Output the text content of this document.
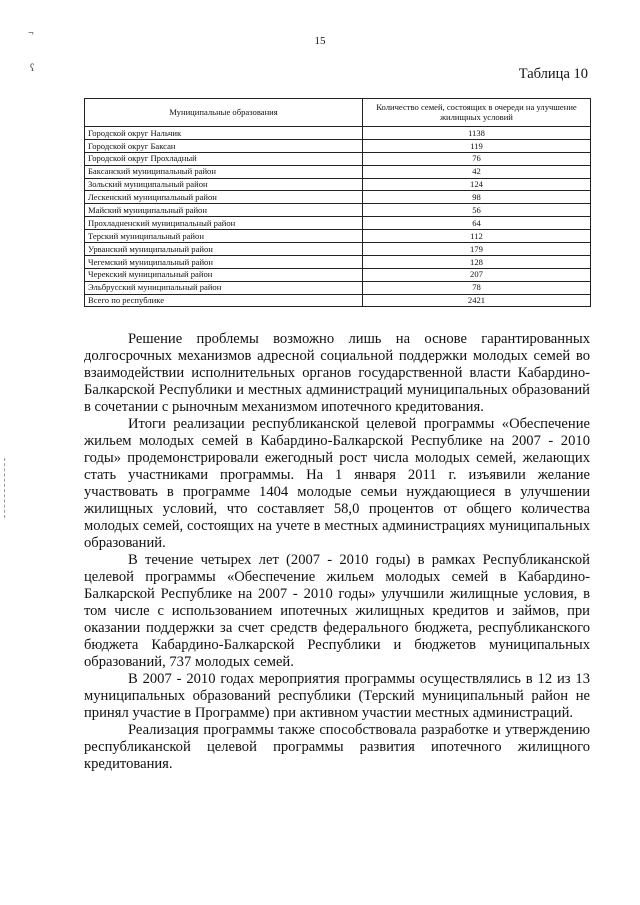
¬
ʕ
15
Таблица 10
Муниципальные образования	Количество семей, состоящих в очереди на улучшение жилищных условий
Городской округ Нальчик	1138
Городской округ Баксан	119
Городской округ Прохладный	76
Баксанский муниципальный район	42
Зольский муниципальный район	124
Лескенский муниципальный район	98
Майский муниципальный район	56
Прохладненский муниципальный район	64
Терский муниципальный район	112
Урванский муниципальный район	179
Чегемский муниципальный район	128
Черекский муниципальный район	207
Эльбрусский муниципальный район	78
Всего по республике	2421

Решение проблемы возможно лишь на основе гарантированных долгосрочных механизмов адресной социальной поддержки молодых семей во взаимодействии исполнительных органов государственной власти Кабардино-Балкарской Республики и местных администраций муниципальных образований в сочетании с рыночным механизмом ипотечного кредитования.

Итоги реализации республиканской целевой программы «Обеспечение жильем молодых семей в Кабардино-Балкарской Республике на 2007 - 2010 годы» продемонстрировали ежегодный рост числа молодых семей, желающих стать участниками программы. На 1 января 2011 г. изъявили желание участвовать в программе 1404 молодые семьи нуждающиеся в улучшении жилищных условий, что составляет 58,0 процентов от общего количества молодых семей, состоящих на учете в местных администрациях муниципальных образований.

В течение четырех лет (2007 - 2010 годы) в рамках Республиканской целевой программы «Обеспечение жильем молодых семей в Кабардино-Балкарской Республике на 2007 - 2010 годы» улучшили жилищные условия, в том числе с использованием ипотечных жилищных кредитов и займов, при оказании поддержки за счет средств федерального бюджета, республиканского бюджета Кабардино-Балкарской Республики и бюджетов муниципальных образований, 737 молодых семей.

В 2007 - 2010 годах мероприятия программы осуществлялись в 12 из 13 муниципальных образований республики (Терский муниципальный район не принял участие в Программе) при активном участии местных администраций.

Реализация программы также способствовала разработке и утверждению республиканской целевой программы развития ипотечного жилищного кредитования.
